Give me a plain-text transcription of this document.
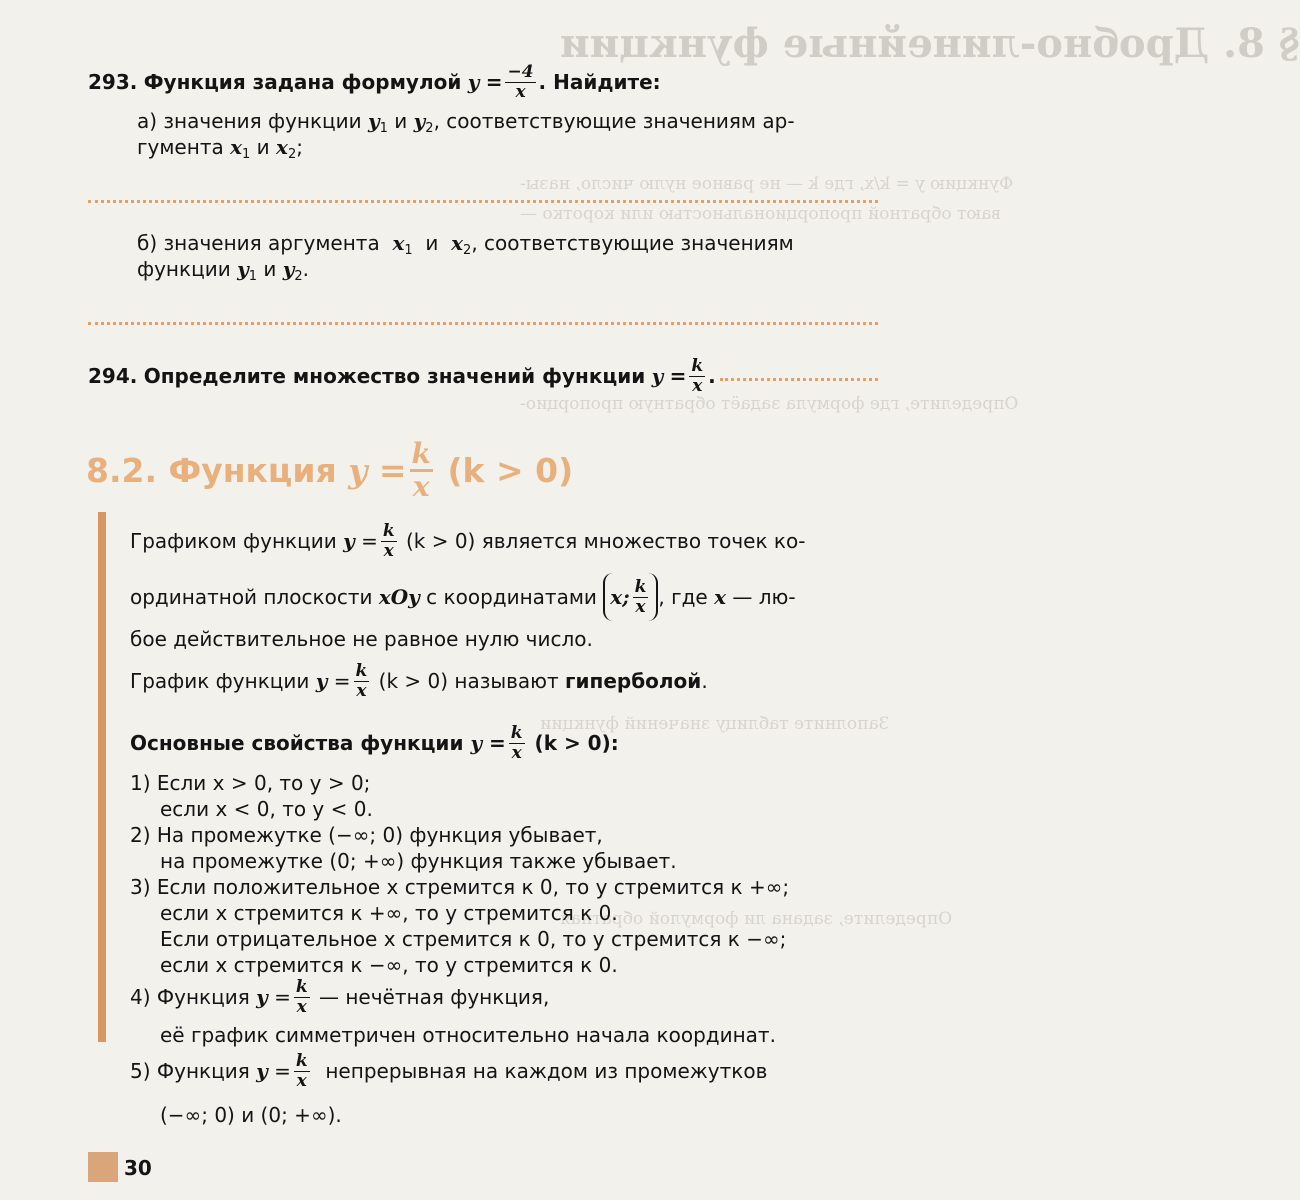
§ 8. Дробно-линейные функции
Функцию y = k/x, где k — не равное нулю число, назы-
вают обратной пропорциональностью или коротко —
Определите, где формула задаёт обратную пропорцио-
Заполните таблицу значений функции
Определите, задана ли формулой обратная
293.
Функция задана формулой
y
= $\frac{-4}{x}$ . Найдите:
а) значения функции $y_1$ и $y_2$, соответствующие значениям ар-
гумента $x_1$ и $x_2$;
б) значения аргумента $x_1$ и $x_2$, соответствующие значениям
функции $y_1$ и $y_2$.
294.
Определите множество значений функции
y
= $\frac{k}{x}$ .
8.2. Функция
y
= $\frac{k}{x}$
(k > 0)
Графиком функции
y
= $\frac{k}{x}$
(k > 0) является множество точек ко-
ординатной плоскости
xOy
с координатами
x; $\frac{k}{x}$ , где
x
— лю-
бое действительное не равное нулю число.
График функции
y
= $\frac{k}{x}$
(k > 0) называют
гиперболой .
Основные свойства функции
y
= $\frac{k}{x}$
(k > 0):
1) Если x > 0, то y > 0;
если x < 0, то y < 0.
2) На промежутке (−∞; 0) функция убывает,
на промежутке (0; +∞) функция также убывает.
3) Если положительное x стремится к 0, то y стремится к +∞;
если x стремится к +∞, то y стремится к 0.
Если отрицательное x стремится к 0, то y стремится к −∞;
если x стремится к −∞, то y стремится к 0.
4) Функция
y
= $\frac{k}{x}$
— нечётная функция,
её график симметричен относительно начала координат.
5) Функция
y
= $\frac{k}{x}$
непрерывная на каждом из промежутков
(−∞; 0) и (0; +∞).
30
